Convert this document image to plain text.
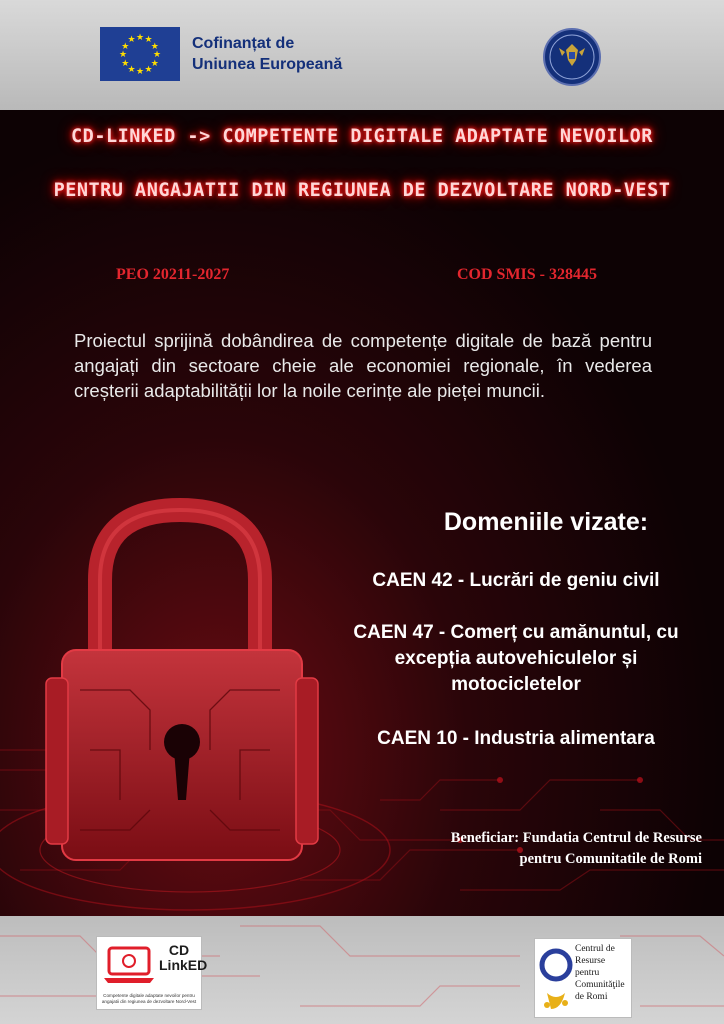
★ ★
★
★
★
★
★
★
★
★
★
★	Cofinanțat de
Uniunea Europeană
CD-LINKED -> COMPETENTE DIGITALE ADAPTATE NEVOILOR
PENTRU ANGAJATII DIN REGIUNEA DE DEZVOLTARE NORD-VEST
PEO 20211-2027	COD SMIS - 328445
Proiectul sprijină dobândirea de competențe digitale de bază pentru angajați din sectoare cheie ale economiei regionale, în vederea creșterii adaptabilității lor la noile cerințe ale pieței muncii.
Domeniile vizate:
CAEN 42 - Lucrări de geniu civil
CAEN 47 - Comerț cu amănuntul, cu excepția autovehiculelor și motocicletelor
CAEN 10 - Industria alimentara
Beneficiar: Fundatia Centrul de Resurse
pentru Comunitatile de Romi
CD LinkED
Competente digitale adaptate nevoilor pentru angajatii din regiunea de dezvoltare Nord-Vest
Centrul de Resurse pentru Comunităţile de Romi
